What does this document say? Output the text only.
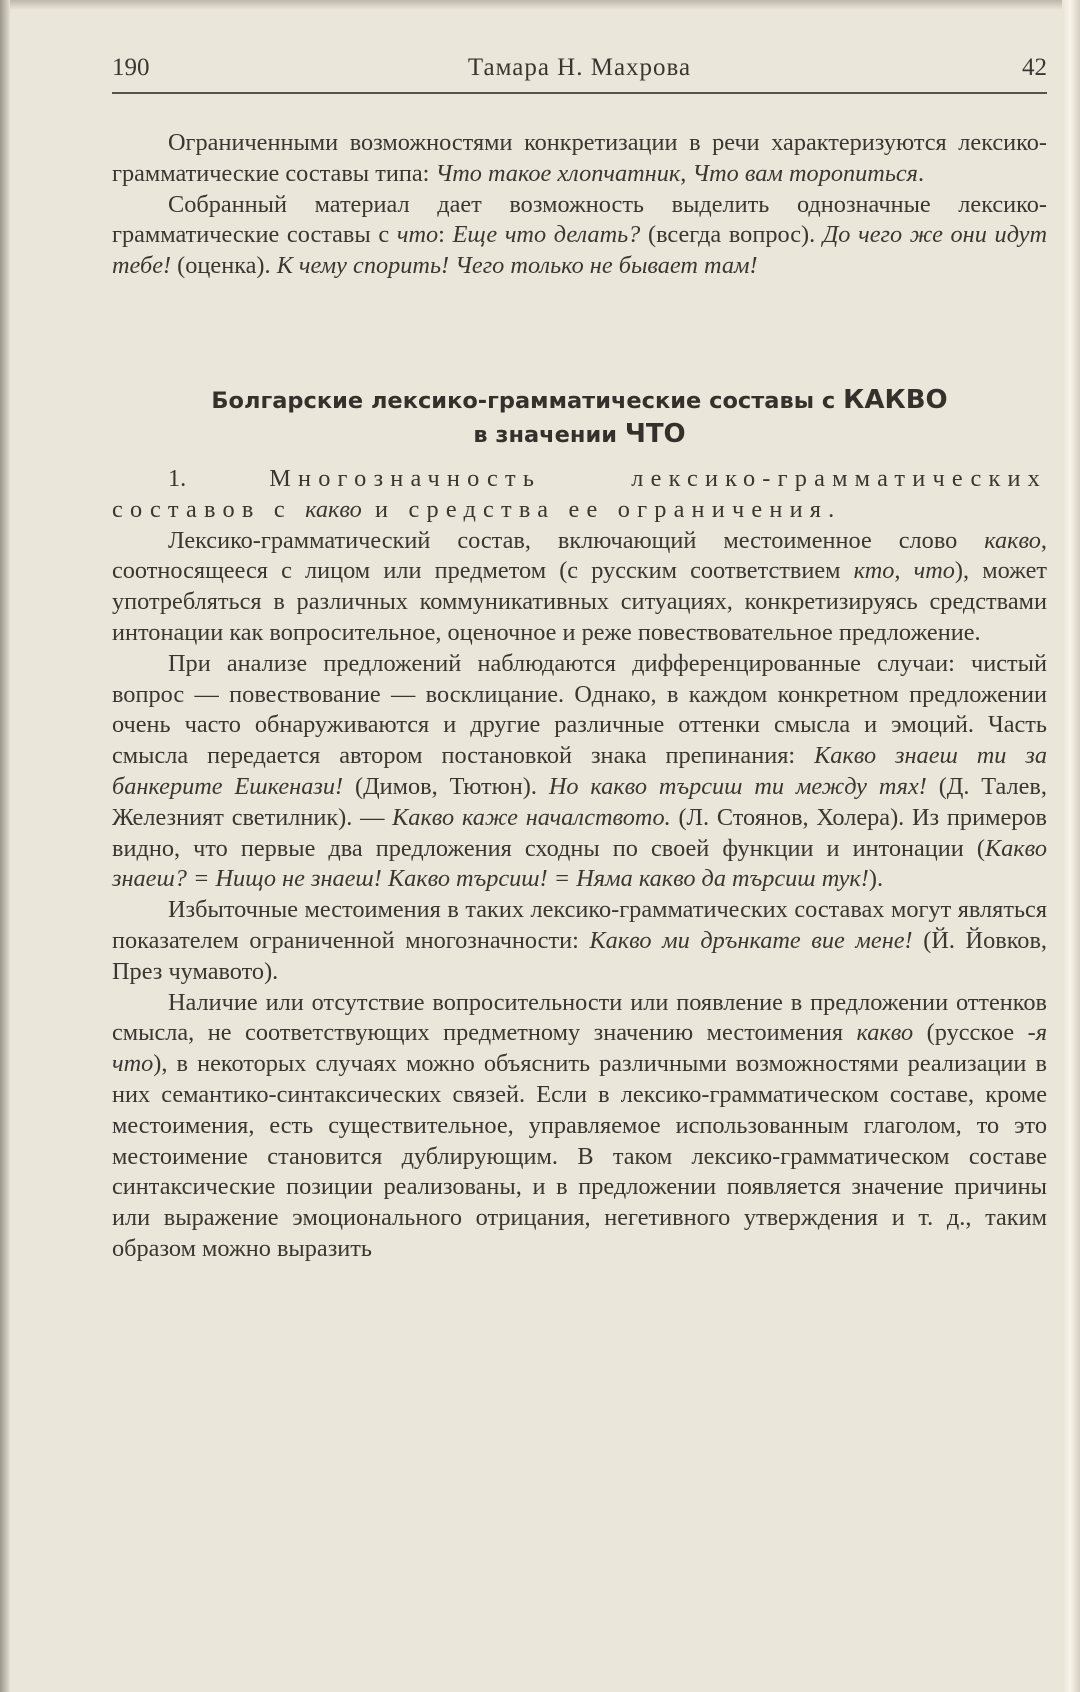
190	Тамара Н. Махрова	42

Ограниченными возможностями конкретизации в речи характеризуются лексико-грамматические составы типа: Что такое хлопчатник, Что вам торопиться.

Собранный материал дает возможность выделить однозначные лексико-грамматические составы с что: Еще что делать? (всегда вопрос). До чего же они идут тебе! (оценка). К чему спорить! Чего только не бывает там!

Болгарские лексико-грамматические составы с КАКВО
в значении ЧТО

1. Многозначность лексико-грамматических составов с какво и средства ее ограничения.

Лексико-грамматический состав, включающий местоименное слово какво, соотносящееся с лицом или предметом (с русским соответствием кто, что), может употребляться в различных коммуникативных ситуациях, конкретизируясь средствами интонации как вопросительное, оценочное и реже повествовательное предложение.

При анализе предложений наблюдаются дифференцированные случаи: чистый вопрос — повествование — восклицание. Однако, в каждом конкретном предложении очень часто обнаруживаются и другие различные оттенки смысла и эмоций. Часть смысла передается автором постановкой знака препинания: Какво знаеш ти за банкерите Ешкенази! (Димов, Тютюн). Но какво търсиш ти между тях! (Д. Талев, Железният светилник). — Какво каже началството. (Л. Стоянов, Холера). Из примеров видно, что первые два предложения сходны по своей функции и интонации (Какво знаеш? = Нищо не знаеш! Какво търсиш! = Няма какво да търсиш тук!).

Избыточные местоимения в таких лексико-грамматических составах могут являться показателем ограниченной многозначности: Какво ми дрънкате вие мене! (Й. Йовков, През чумавото).

Наличие или отсутствие вопросительности или появление в предложении оттенков смысла, не соответствующих предметному значению местоимения какво (русское -я что), в некоторых случаях можно объяснить различными возможностями реализации в них семантико-синтаксических связей. Если в лексико-грамматическом составе, кроме местоимения, есть существительное, управляемое использованным глаголом, то это местоимение становится дублирующим. В таком лексико-грамматическом составе синтаксические позиции реализованы, и в предложении появляется значение причины или выражение эмоционального отрицания, негетивного утверждения и т. д., таким образом можно выразить
